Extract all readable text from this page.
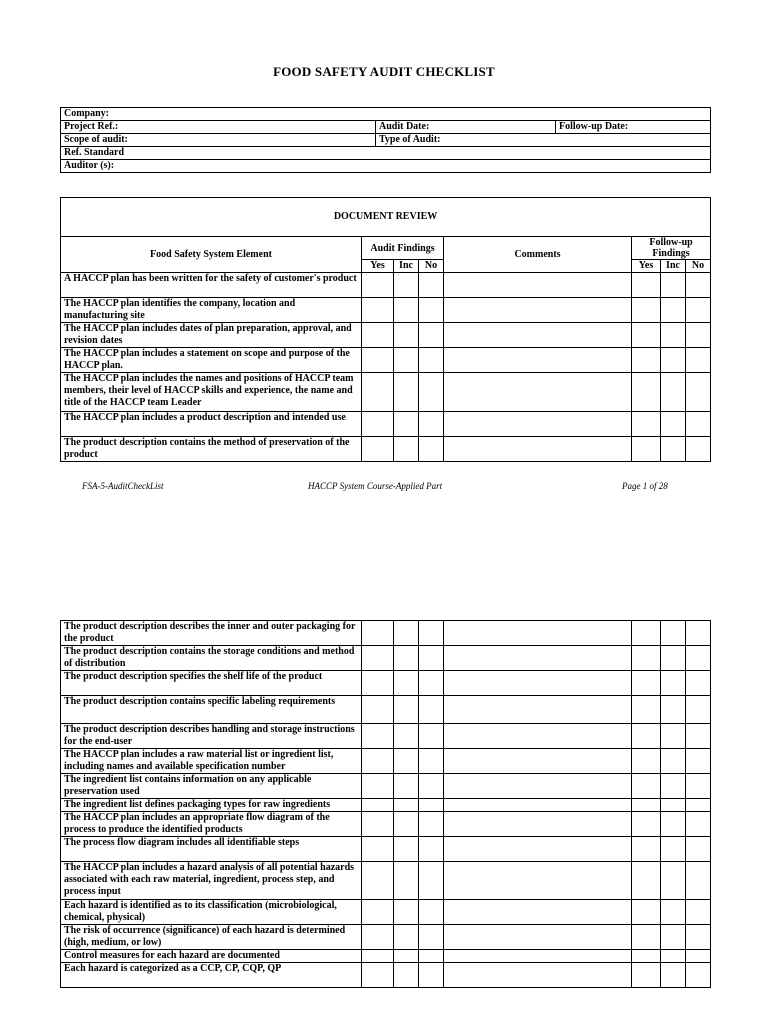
FOOD SAFETY AUDIT CHECKLIST
Company:		
Project Ref.:	Audit Date:	Follow-up Date:
Scope of audit:	Type of Audit:	
Ref. Standard		
Auditor (s):		
DOCUMENT REVIEW							
Food Safety System Element	Audit Findings			Comments	Follow-up Findings		
	Yes	Inc	No		Yes	Inc	No
A HACCP plan has been written for the safety of customer's product							
The HACCP plan identifies the company, location and manufacturing site							
The HACCP plan includes dates of plan preparation, approval, and revision dates							
The HACCP plan includes a statement on scope and purpose of the HACCP plan.							
The HACCP plan includes the names and positions of HACCP team members, their level of HACCP skills and experience, the name and title of the HACCP team Leader							
The HACCP plan includes a product description and intended use							
The product description contains the method of preservation of the product							
FSA-5-AuditCheckList	HACCP System Course-Applied Part	Page 1 of 28
The product description describes the inner and outer packaging for the product							
The product description contains the storage conditions and method of distribution							
The product description specifies the shelf life of the product							
The product description contains specific labeling requirements							
The product description describes handling and storage instructions for the end-user							
The HACCP plan includes a raw material list or ingredient list, including names and available specification number							
The ingredient list contains information on any applicable preservation used							
The ingredient list defines packaging types for raw ingredients							
The HACCP plan includes an appropriate flow diagram of the process to produce the identified products							
The process flow diagram includes all identifiable steps							
The HACCP plan includes a hazard analysis of all potential hazards associated with each raw material, ingredient, process step, and process input							
Each hazard is identified as to its classification (microbiological, chemical, physical)							
The risk of occurrence (significance) of each hazard is determined (high, medium, or low)							
Control measures for each hazard are documented							
Each hazard is categorized as a CCP, CP, CQP, QP							
